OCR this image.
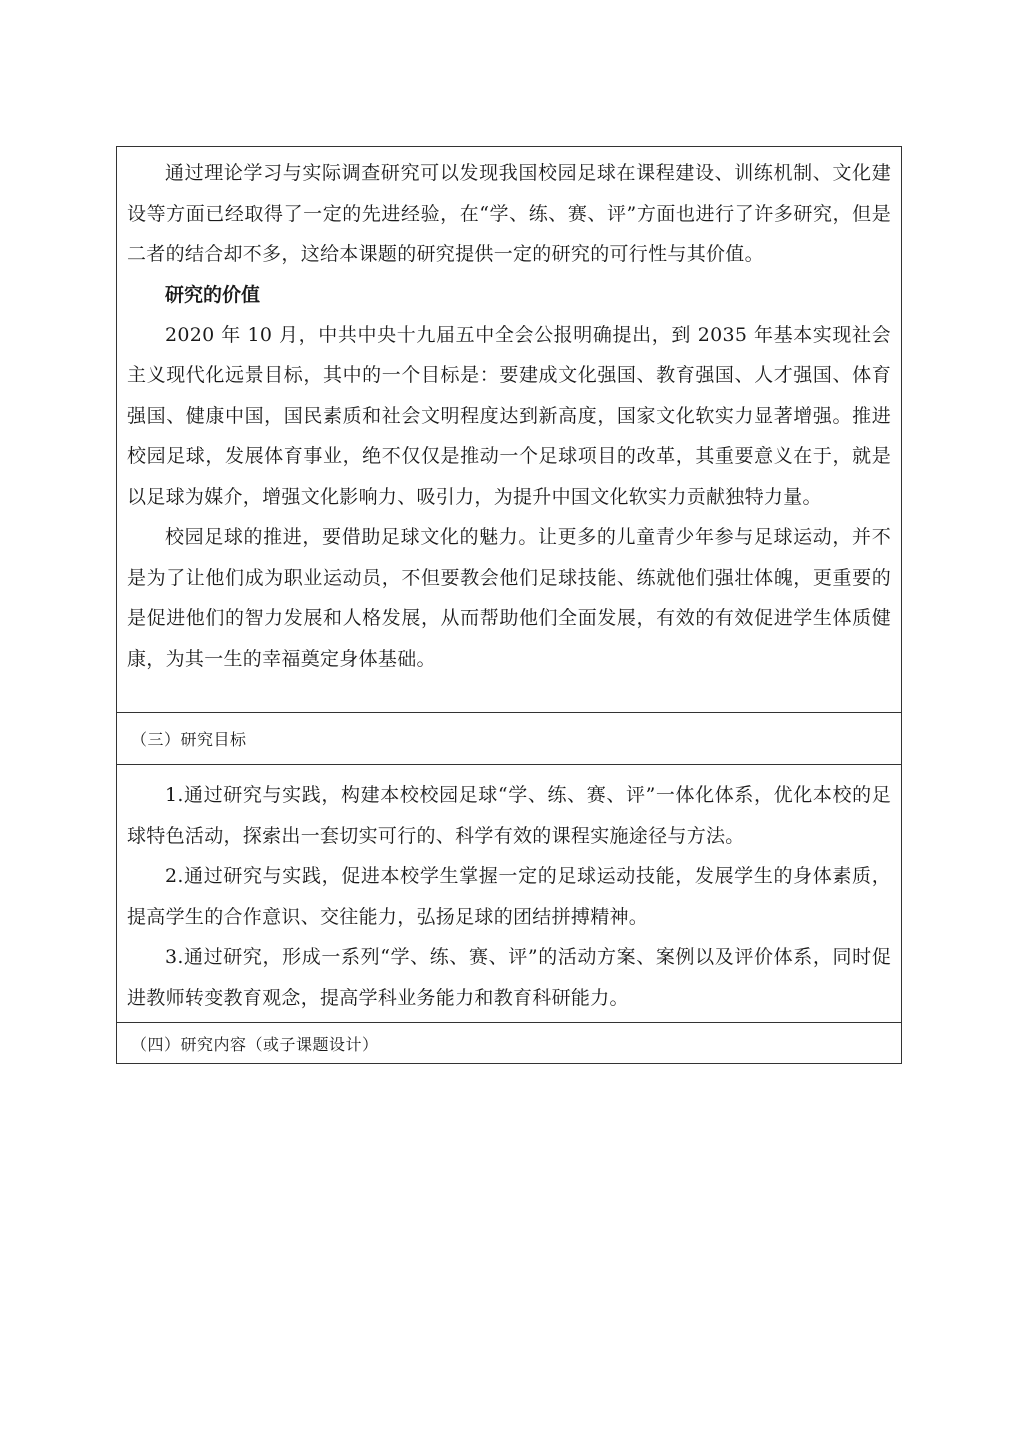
通过理论学习与实际调查研究可以发现我国校园足球在课程建设、训练机制、文化建设等方面已经取得了一定的先进经验，在“学、练、赛、评”方面也进行了许多研究，但是二者的结合却不多，这给本课题的研究提供一定的研究的可行性与其价值。

研究的价值

2020 年 10 月，中共中央十九届五中全会公报明确提出，到 2035 年基本实现社会主义现代化远景目标，其中的一个目标是：要建成文化强国、教育强国、人才强国、体育强国、健康中国，国民素质和社会文明程度达到新高度，国家文化软实力显著增强。推进校园足球，发展体育事业，绝不仅仅是推动一个足球项目的改革，其重要意义在于，就是以足球为媒介，增强文化影响力、吸引力，为提升中国文化软实力贡献独特力量。

校园足球的推进，要借助足球文化的魅力。让更多的儿童青少年参与足球运动，并不是为了让他们成为职业运动员，不但要教会他们足球技能、练就他们强壮体魄，更重要的是促进他们的智力发展和人格发展，从而帮助他们全面发展，有效的有效促进学生体质健康，为其一生的幸福奠定身体基础。

（三）研究目标

1.通过研究与实践，构建本校校园足球“学、练、赛、评”一体化体系，优化本校的足球特色活动，探索出一套切实可行的、科学有效的课程实施途径与方法。

2.通过研究与实践，促进本校学生掌握一定的足球运动技能，发展学生的身体素质，提高学生的合作意识、交往能力，弘扬足球的团结拼搏精神。

3.通过研究，形成一系列“学、练、赛、评”的活动方案、案例以及评价体系，同时促进教师转变教育观念，提高学科业务能力和教育科研能力。

（四）研究内容（或子课题设计）
